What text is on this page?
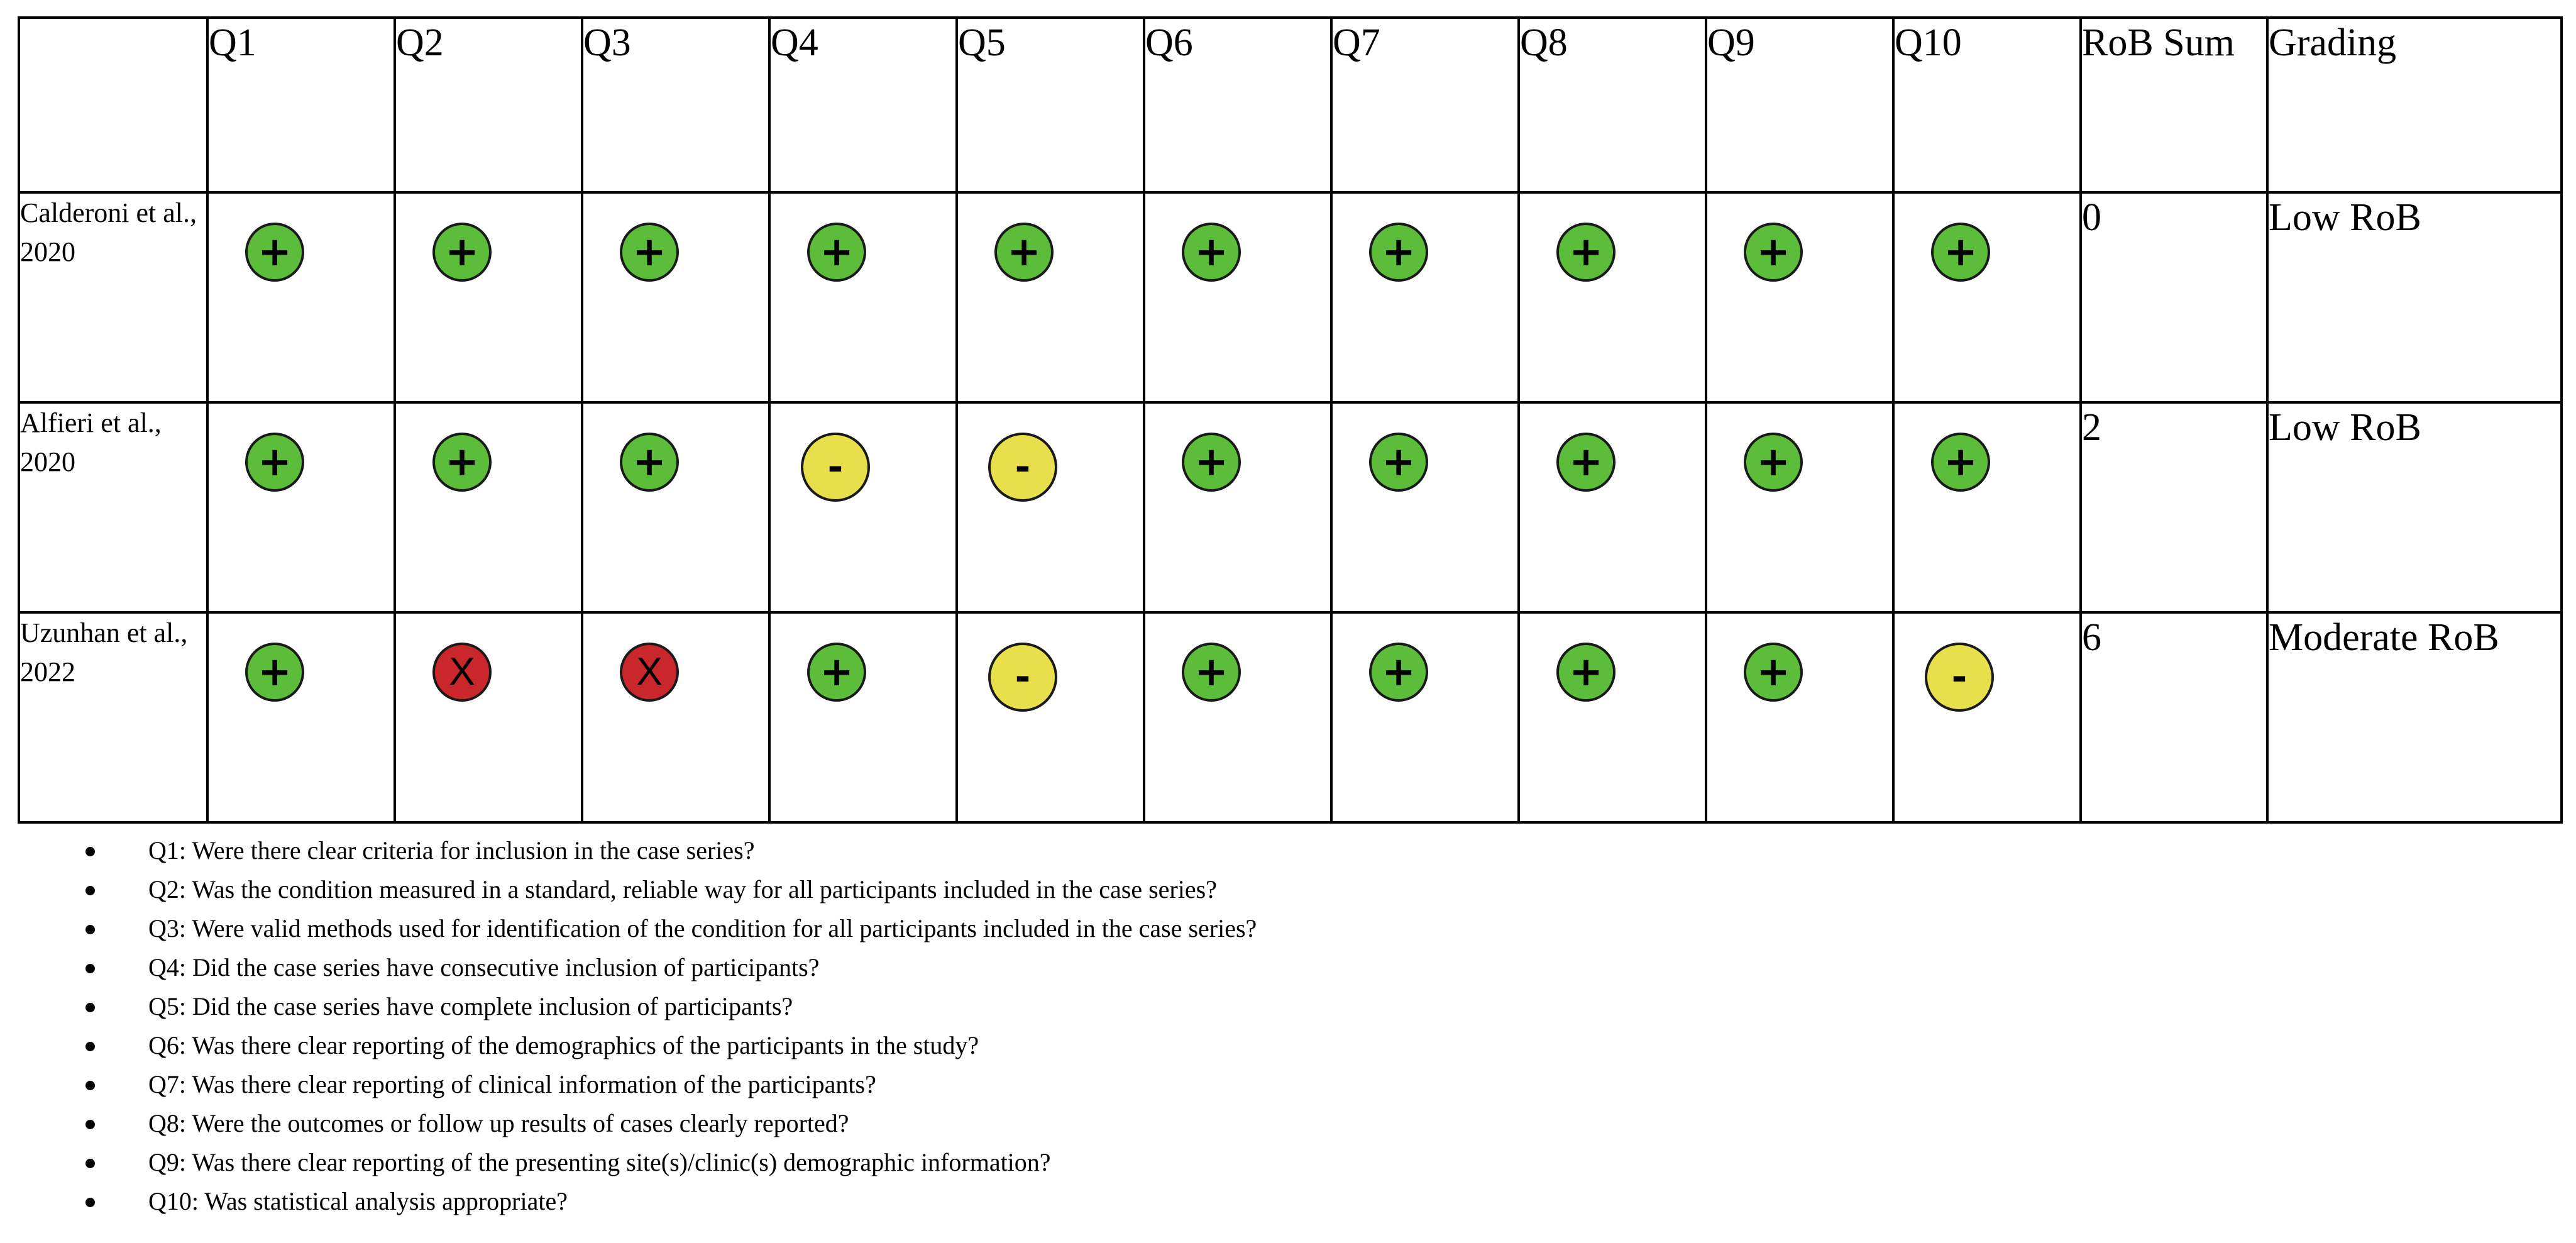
	Q1	Q2	Q3	Q4	Q5	Q6	Q7	Q8	Q9	Q10	RoB Sum	Grading
Calderoni et al., 2020	+	+	+	+	+	+	+	+	+	+	0	Low RoB
Alfieri et al., 2020	+	+	+	-	-	+	+	+	+	+	2	Low RoB
Uzunhan et al., 2022	+	X	X	+	-	+	+	+	+	-	6	Moderate RoB
Q1: Were there clear criteria for inclusion in the case series?
Q2: Was the condition measured in a standard, reliable way for all participants included in the case series?
Q3: Were valid methods used for identification of the condition for all participants included in the case series?
Q4: Did the case series have consecutive inclusion of participants?
Q5: Did the case series have complete inclusion of participants?
Q6: Was there clear reporting of the demographics of the participants in the study?
Q7: Was there clear reporting of clinical information of the participants?
Q8: Were the outcomes or follow up results of cases clearly reported?
Q9: Was there clear reporting of the presenting site(s)/clinic(s) demographic information?
Q10: Was statistical analysis appropriate?
